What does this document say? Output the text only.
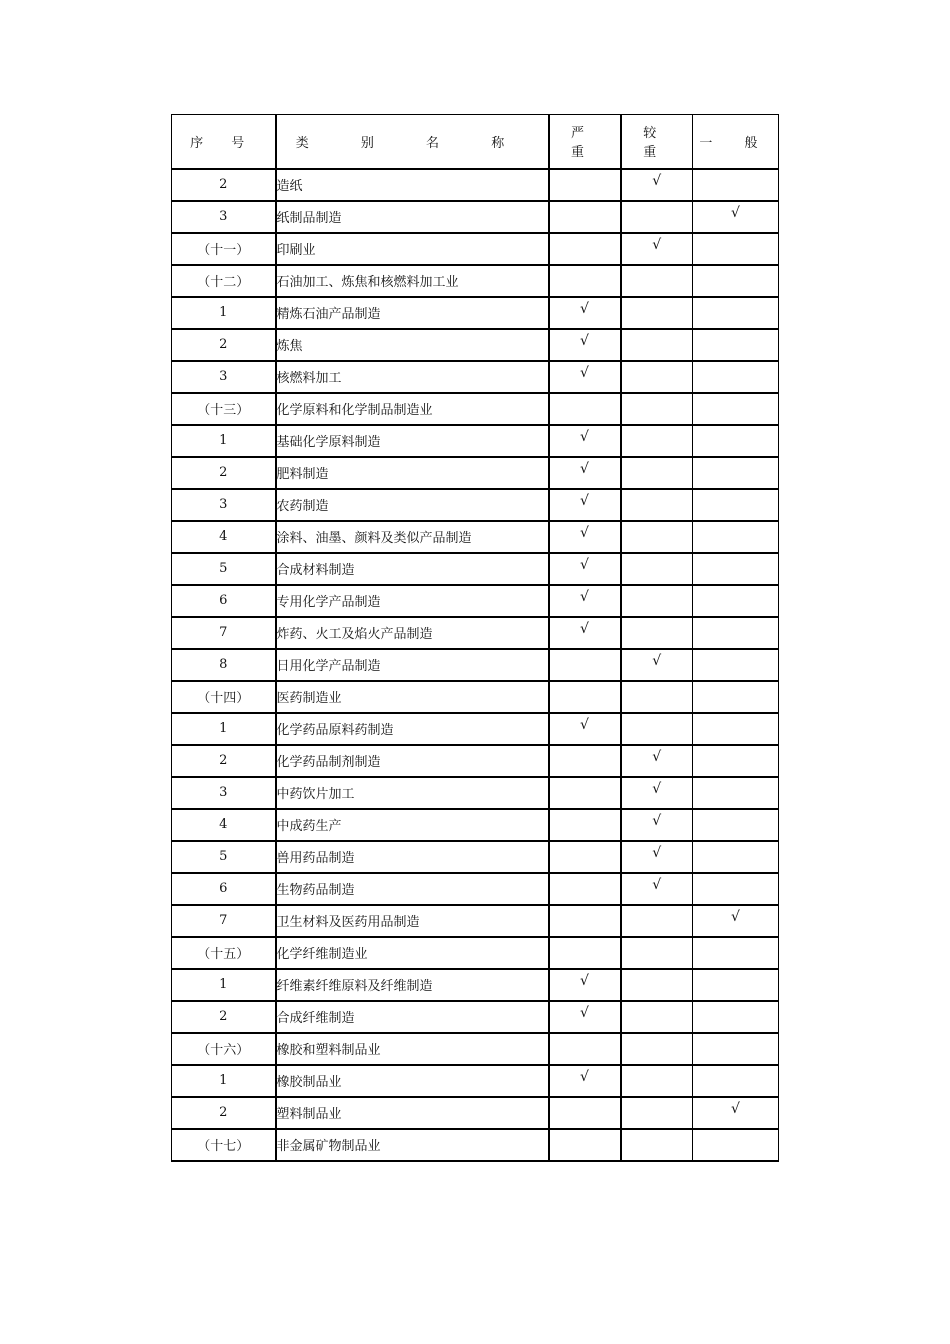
序 号	类 别 名 称	严 重	较 重	一 般
2	造纸		√	
3	纸制品制造			√
（十一）	印刷业		√	
（十二）	石油加工、炼焦和核燃料加工业			
1	精炼石油产品制造	√		
2	炼焦	√		
3	核燃料加工	√		
（十三）	化学原料和化学制品制造业			
1	基础化学原料制造	√		
2	肥料制造	√		
3	农药制造	√		
4	涂料、油墨、颜料及类似产品制造	√		
5	合成材料制造	√		
6	专用化学产品制造	√		
7	炸药、火工及焰火产品制造	√		
8	日用化学产品制造		√	
（十四）	医药制造业			
1	化学药品原料药制造	√		
2	化学药品制剂制造		√	
3	中药饮片加工		√	
4	中成药生产		√	
5	兽用药品制造		√	
6	生物药品制造		√	
7	卫生材料及医药用品制造			√
（十五）	化学纤维制造业			
1	纤维素纤维原料及纤维制造	√		
2	合成纤维制造	√		
（十六）	橡胶和塑料制品业			
1	橡胶制品业	√		
2	塑料制品业			√
（十七）	非金属矿物制品业			
